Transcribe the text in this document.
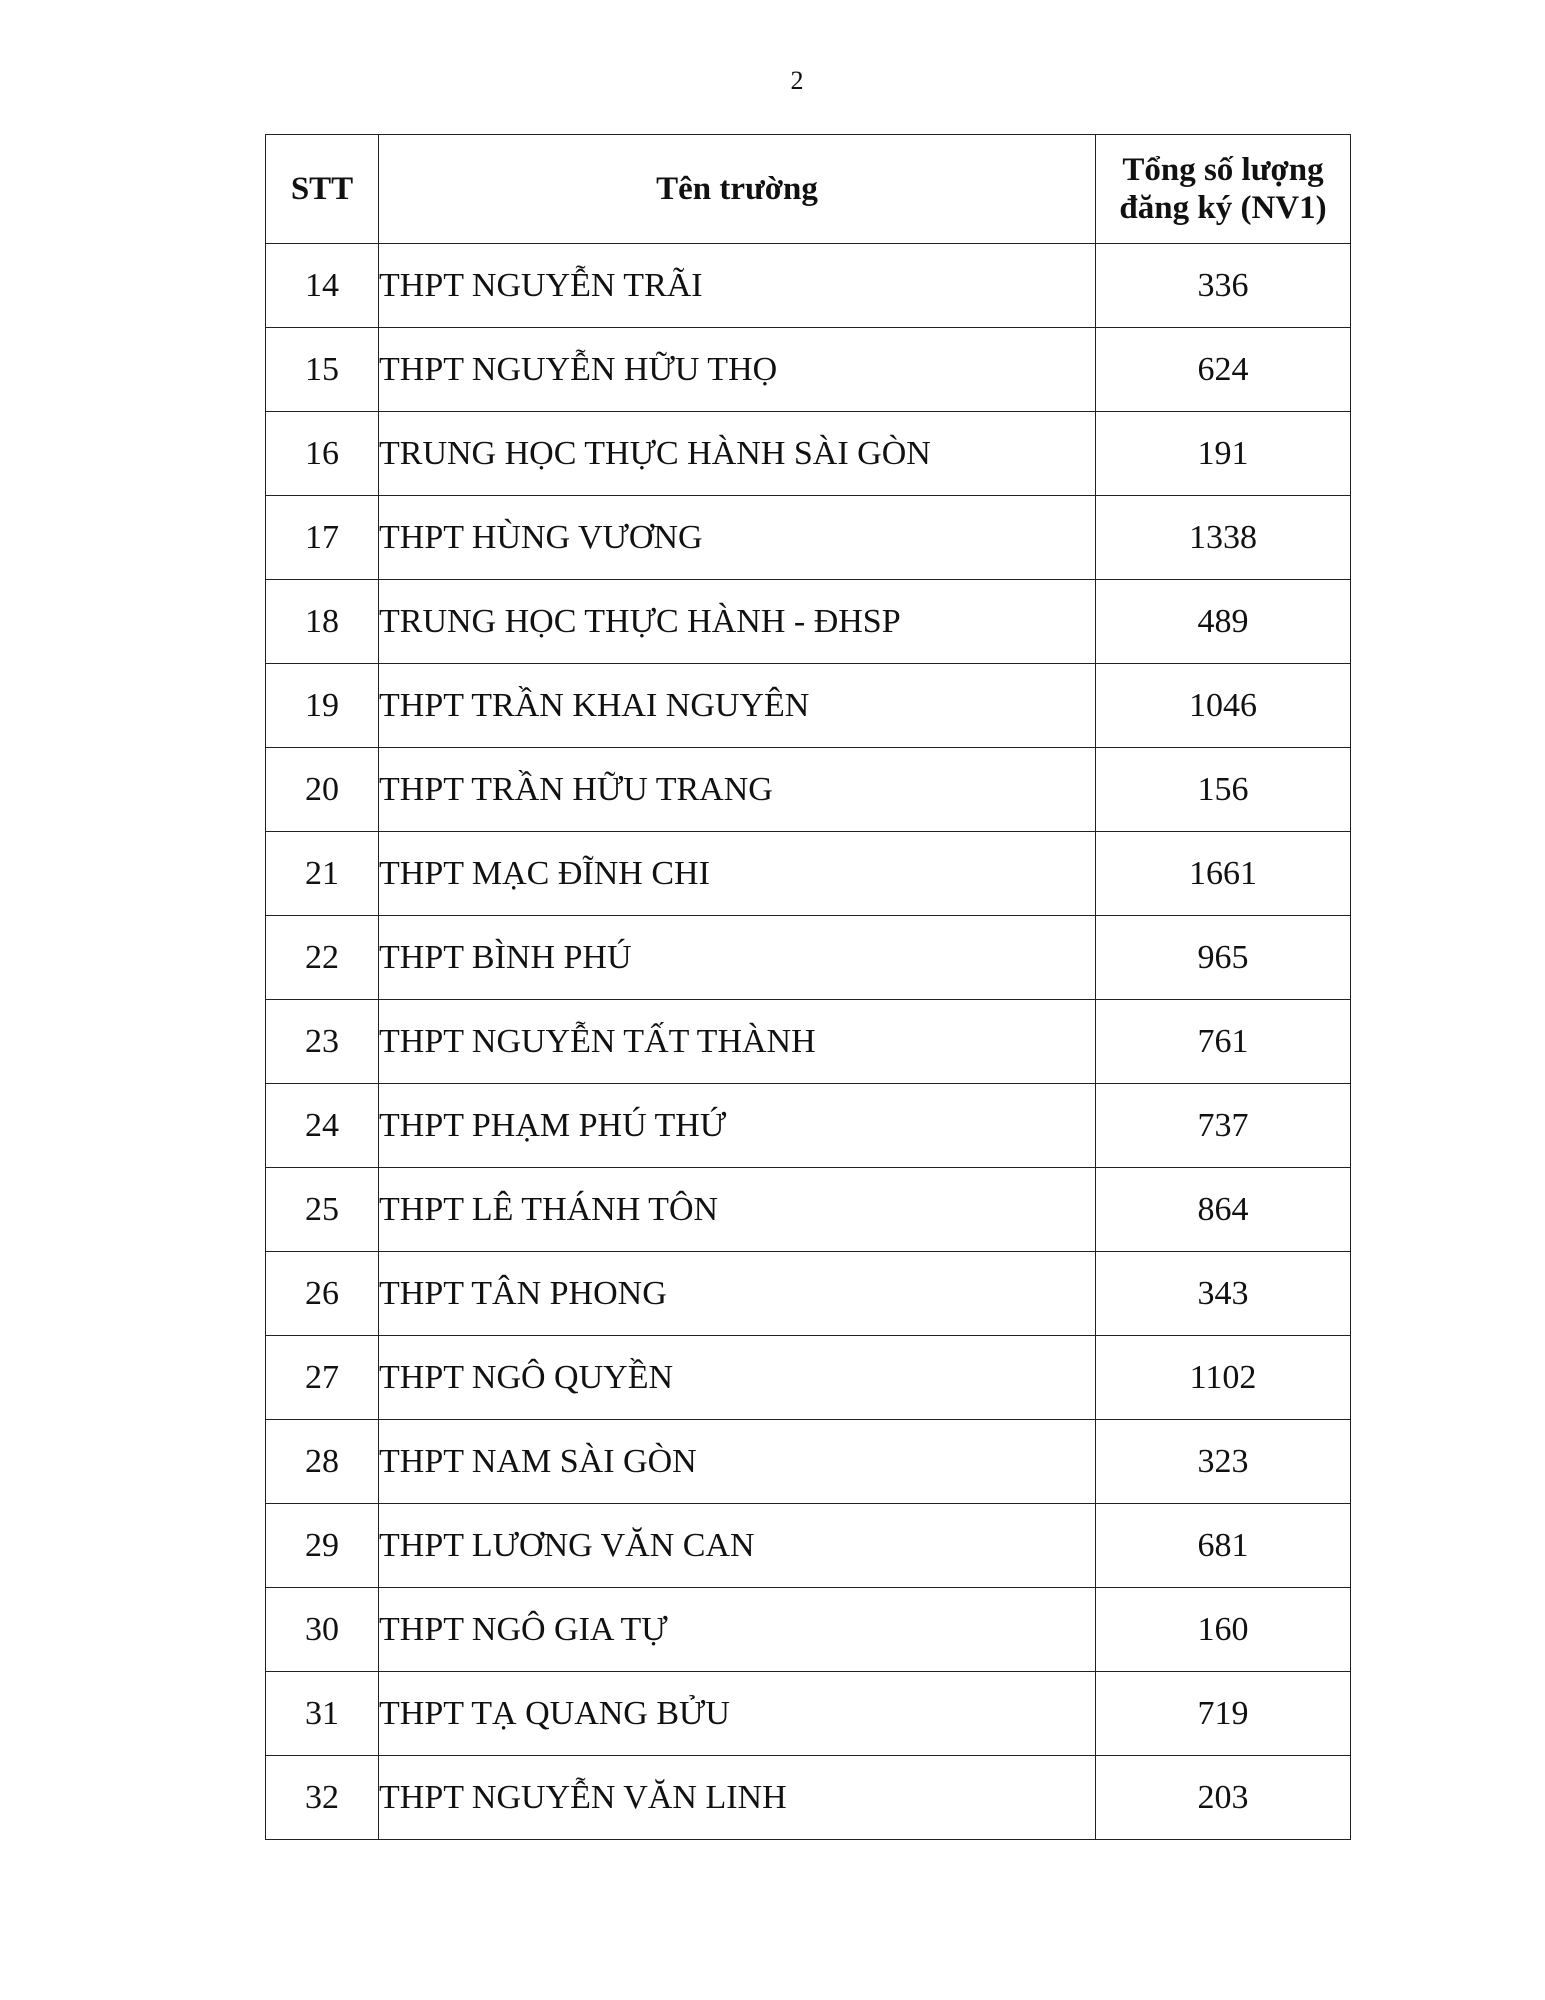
2
STT	Tên trường	Tổng số lượng
đăng ký (NV1)
14	THPT NGUYỄN TRÃI	336
15	THPT NGUYỄN HỮU THỌ	624
16	TRUNG HỌC THỰC HÀNH SÀI GÒN	191
17	THPT HÙNG VƯƠNG	1338
18	TRUNG HỌC THỰC HÀNH - ĐHSP	489
19	THPT TRẦN KHAI NGUYÊN	1046
20	THPT TRẦN HỮU TRANG	156
21	THPT MẠC ĐĨNH CHI	1661
22	THPT BÌNH PHÚ	965
23	THPT NGUYỄN TẤT THÀNH	761
24	THPT PHẠM PHÚ THỨ	737
25	THPT LÊ THÁNH TÔN	864
26	THPT TÂN PHONG	343
27	THPT NGÔ QUYỀN	1102
28	THPT NAM SÀI GÒN	323
29	THPT LƯƠNG VĂN CAN	681
30	THPT NGÔ GIA TỰ	160
31	THPT TẠ QUANG BỬU	719
32	THPT NGUYỄN VĂN LINH	203
